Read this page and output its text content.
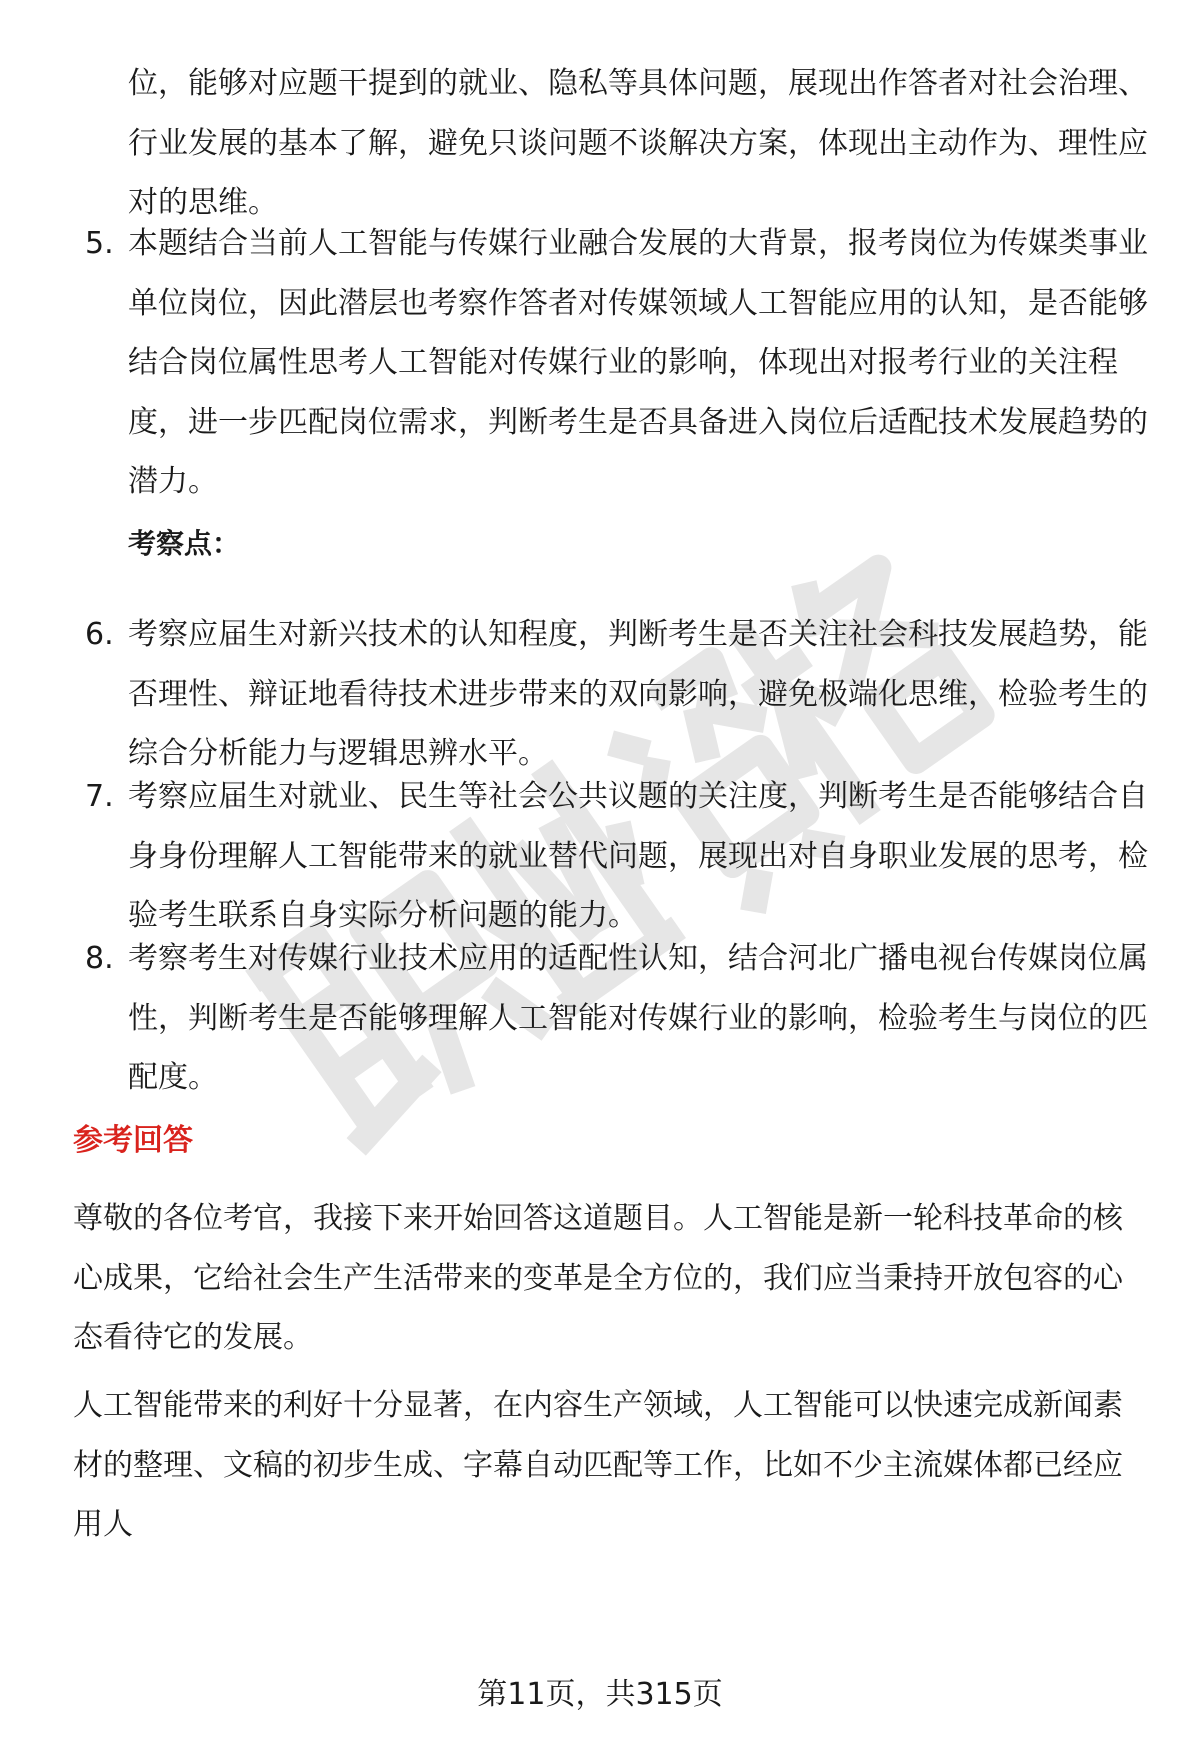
位，能够对应题干提到的就业、隐私等具体问题，展现出作答者对社会治理、行业发展的基本了解，避免只谈问题不谈解决方案，体现出主动作为、理性应对的思维。
5. 本题结合当前人工智能与传媒行业融合发展的大背景，报考岗位为传媒类事业单位岗位，因此潜层也考察作答者对传媒领域人工智能应用的认知，是否能够结合岗位属性思考人工智能对传媒行业的影响，体现出对报考行业的关注程度，进一步匹配岗位需求，判断考生是否具备进入岗位后适配技术发展趋势的潜力。
考察点：
6. 考察应届生对新兴技术的认知程度，判断考生是否关注社会科技发展趋势，能否理性、辩证地看待技术进步带来的双向影响，避免极端化思维，检验考生的综合分析能力与逻辑思辨水平。
7. 考察应届生对就业、民生等社会公共议题的关注度，判断考生是否能够结合自身身份理解人工智能带来的就业替代问题，展现出对自身职业发展的思考，检验考生联系自身实际分析问题的能力。
8. 考察考生对传媒行业技术应用的适配性认知，结合河北广播电视台传媒岗位属性，判断考生是否能够理解人工智能对传媒行业的影响，检验考生与岗位的匹配度。
参考回答
尊敬的各位考官，我接下来开始回答这道题目。人工智能是新一轮科技革命的核心成果，它给社会生产生活带来的变革是全方位的，我们应当秉持开放包容的心态看待它的发展。
人工智能带来的利好十分显著，在内容生产领域，人工智能可以快速完成新闻素材的整理、文稿的初步生成、字幕自动匹配等工作，比如不少主流媒体都已经应用人
第11页，共315页
